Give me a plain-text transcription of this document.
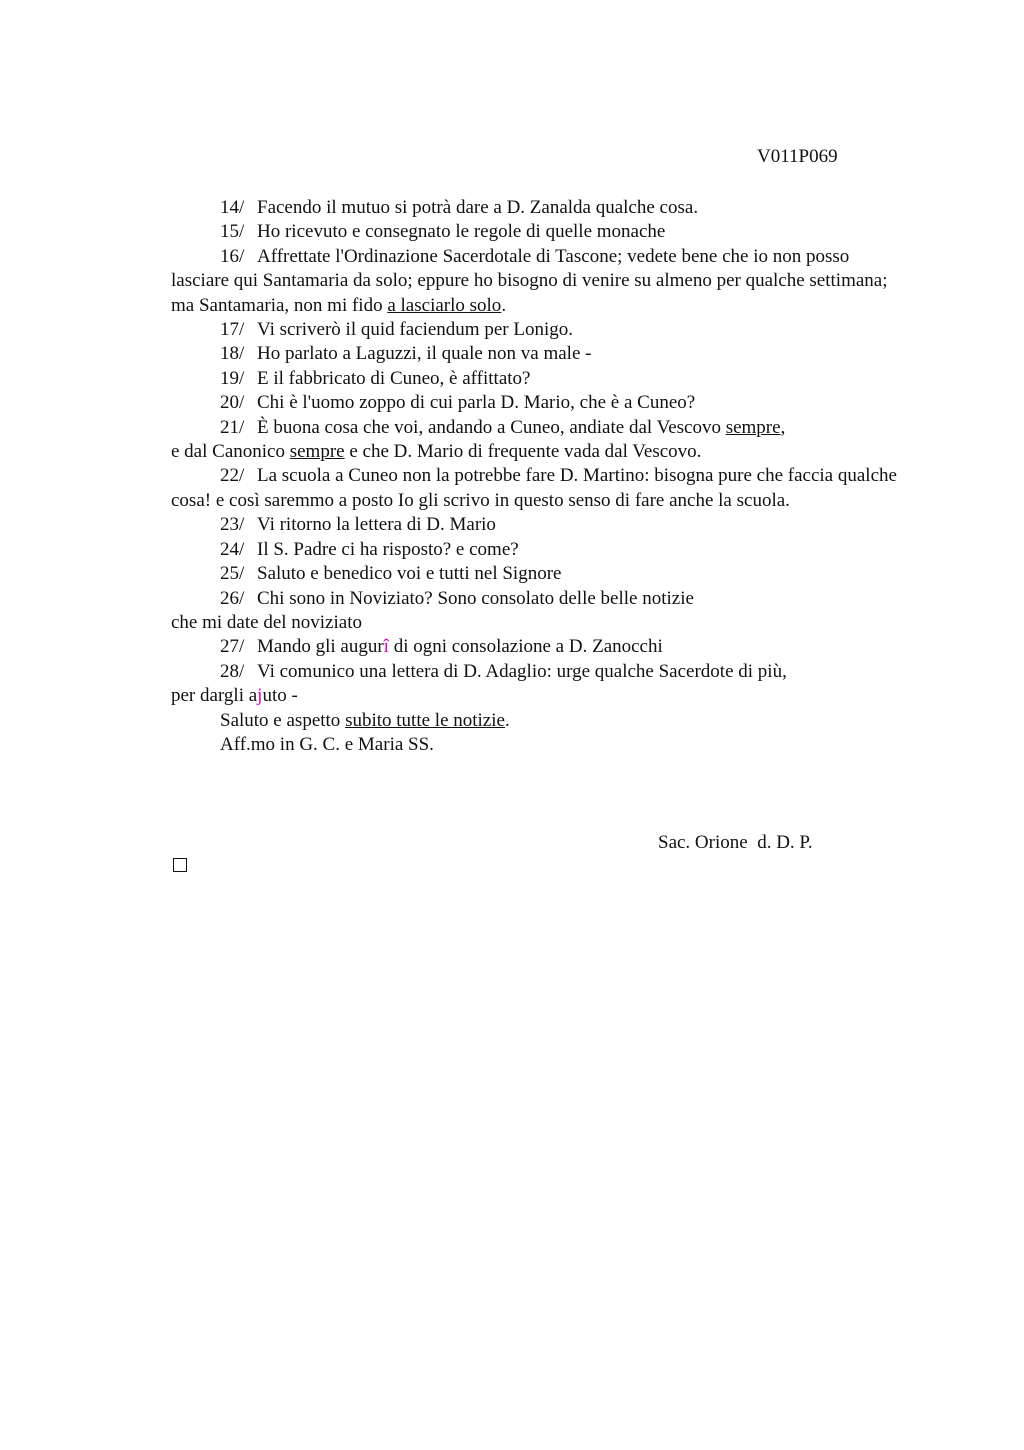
V011P069

14/ Facendo il mutuo si potrà dare a D. Zanalda qualche cosa.

15/ Ho ricevuto e consegnato le regole di quelle monache

16/ Affrettate l'Ordinazione Sacerdotale di Tascone; vedete bene che io non posso lasciare qui Santamaria da solo; eppure ho bisogno di venire su almeno per qualche settimana; ma Santamaria, non mi fido a lasciarlo solo.

17/ Vi scriverò il quid faciendum per Lonigo.

18/ Ho parlato a Laguzzi, il quale non va male -

19/ E il fabbricato di Cuneo, è affittato?

20/ Chi è l'uomo zoppo di cui parla D. Mario, che è a Cuneo?

21/ È buona cosa che voi, andando a Cuneo, andiate dal Vescovo sempre,
e dal Canonico sempre e che D. Mario di frequente vada dal Vescovo.

22/ La scuola a Cuneo non la potrebbe fare D. Martino: bisogna pure che faccia qualche cosa! e così saremmo a posto Io gli scrivo in questo senso di fare anche la scuola.

23/ Vi ritorno la lettera di D. Mario

24/ Il S. Padre ci ha risposto? e come?

25/ Saluto e benedico voi e tutti nel Signore

26/ Chi sono in Noviziato? Sono consolato delle belle notizie
che mi date del noviziato

27/ Mando gli augurî di ogni consolazione a D. Zanocchi

28/ Vi comunico una lettera di D. Adaglio: urge qualche Sacerdote di più,
per dargli ajuto -

Saluto e aspetto subito tutte le notizie.

Aff.mo in G. C. e Maria SS.

Sac. Orione  d. D. P.
